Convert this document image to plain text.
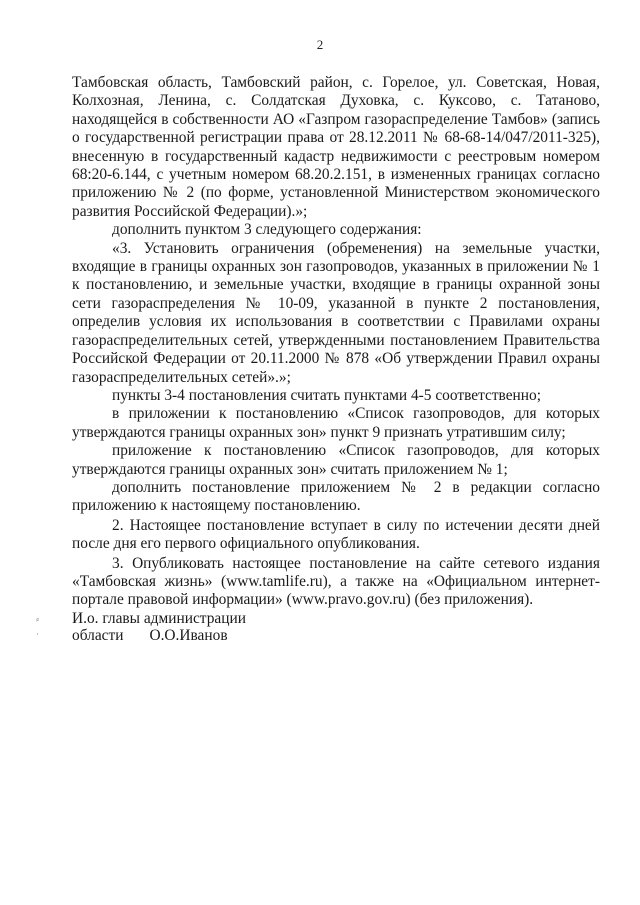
2

Тамбовская область, Тамбовский район, с. Горелое, ул. Советская, Новая, Колхозная, Ленина, с. Солдатская Духовка, с. Куксово, с. Татаново, находящейся в собственности АО «Газпром газораспределение Тамбов» (запись о государственной регистрации права от 28.12.2011 № 68-68-14/047/2011-325), внесенную в государственный кадастр недвижимости с реестровым номером 68:20-6.144, с учетным номером 68.20.2.151, в измененных границах согласно приложению № 2 (по форме, установленной Министерством экономического развития Российской Федерации).»;

дополнить пунктом 3 следующего содержания:

«3. Установить ограничения (обременения) на земельные участки, входящие в границы охранных зон газопроводов, указанных в приложении № 1 к постановлению, и земельные участки, входящие в границы охранной зоны сети газораспределения № 10-09, указанной в пункте 2 постановления, определив условия их использования в соответствии с Правилами охраны газораспределительных сетей, утвержденными постановлением Правительства Российской Федерации от 20.11.2000 № 878 «Об утверждении Правил охраны газораспределительных сетей».»;

пункты 3-4 постановления считать пунктами 4-5 соответственно;

в приложении к постановлению «Список газопроводов, для которых утверждаются границы охранных зон» пункт 9 признать утратившим силу;

приложение к постановлению «Список газопроводов, для которых утверждаются границы охранных зон» считать приложением № 1;

дополнить постановление приложением № 2 в редакции согласно приложению к настоящему постановлению.

2. Настоящее постановление вступает в силу по истечении десяти дней после дня его первого официального опубликования.

3. Опубликовать настоящее постановление на сайте сетевого издания «Тамбовская жизнь» (www.tamlife.ru), а также на «Официальном интернет-портале правовой информации» (www.pravo.gov.ru) (без приложения).

⸗
·
И.о. главы администрации
области О.О.Иванов
